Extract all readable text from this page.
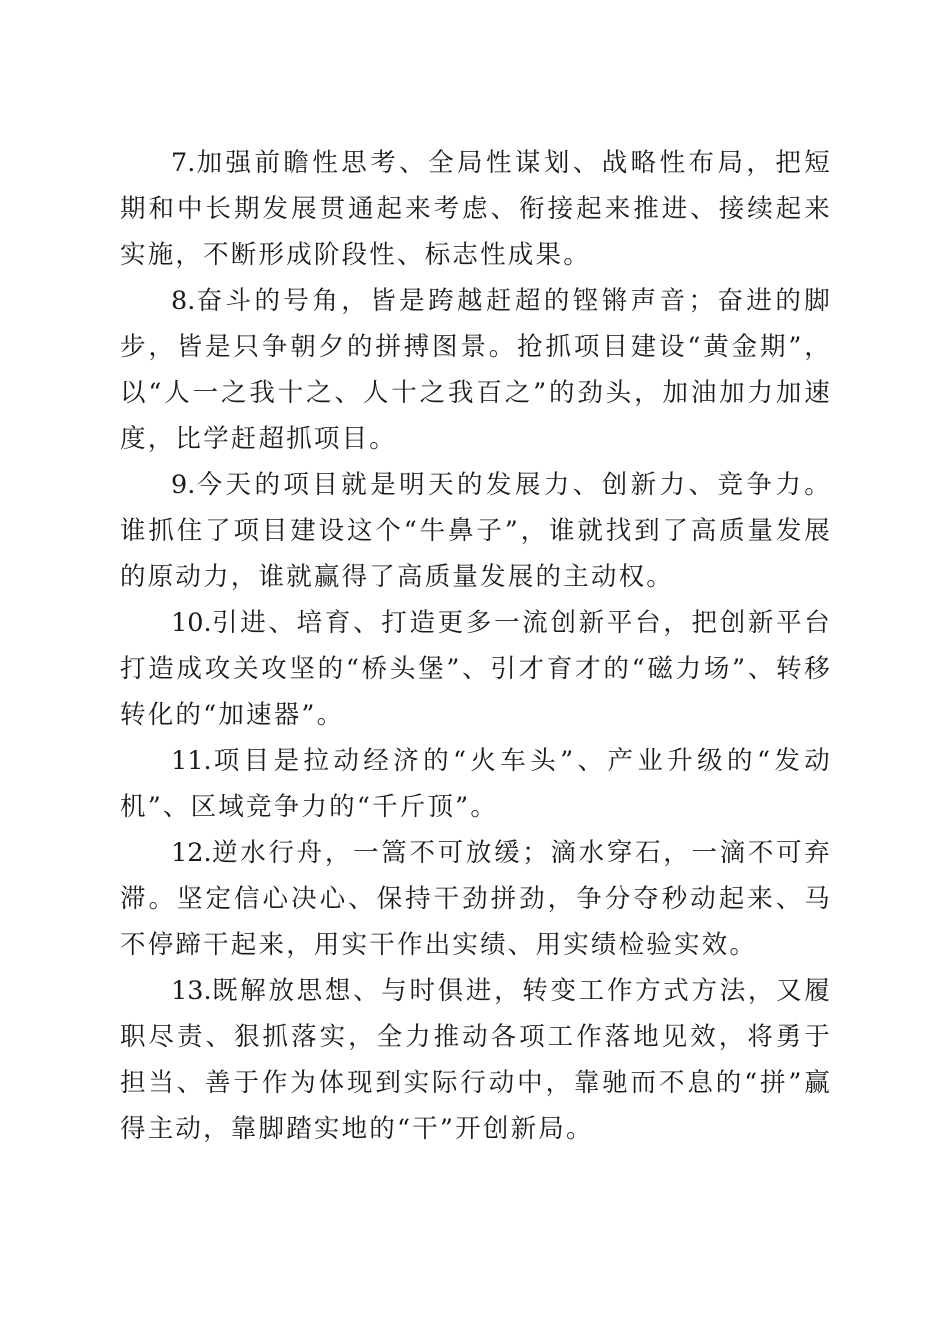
7.加强前瞻性思考、全局性谋划、战略性布局，把短期和中长期发展贯通起来考虑、衔接起来推进、接续起来实施，不断形成阶段性、标志性成果。

8.奋斗的号角，皆是跨越赶超的铿锵声音；奋进的脚步，皆是只争朝夕的拼搏图景。抢抓项目建设“黄金期”，以“人一之我十之、人十之我百之”的劲头，加油加力加速度，比学赶超抓项目。

9.今天的项目就是明天的发展力、创新力、竞争力。谁抓住了项目建设这个“牛鼻子”，谁就找到了高质量发展的原动力，谁就赢得了高质量发展的主动权。

10.引进、培育、打造更多一流创新平台，把创新平台打造成攻关攻坚的“桥头堡”、引才育才的“磁力场”、转移转化的“加速器”。

11.项目是拉动经济的“火车头”、产业升级的“发动机”、区域竞争力的“千斤顶”。

12.逆水行舟，一篙不可放缓；滴水穿石，一滴不可弃滞。坚定信心决心、保持干劲拼劲，争分夺秒动起来、马不停蹄干起来，用实干作出实绩、用实绩检验实效。

13.既解放思想、与时俱进，转变工作方式方法，又履职尽责、狠抓落实，全力推动各项工作落地见效，将勇于担当、善于作为体现到实际行动中，靠驰而不息的“拼”赢得主动，靠脚踏实地的“干”开创新局。
